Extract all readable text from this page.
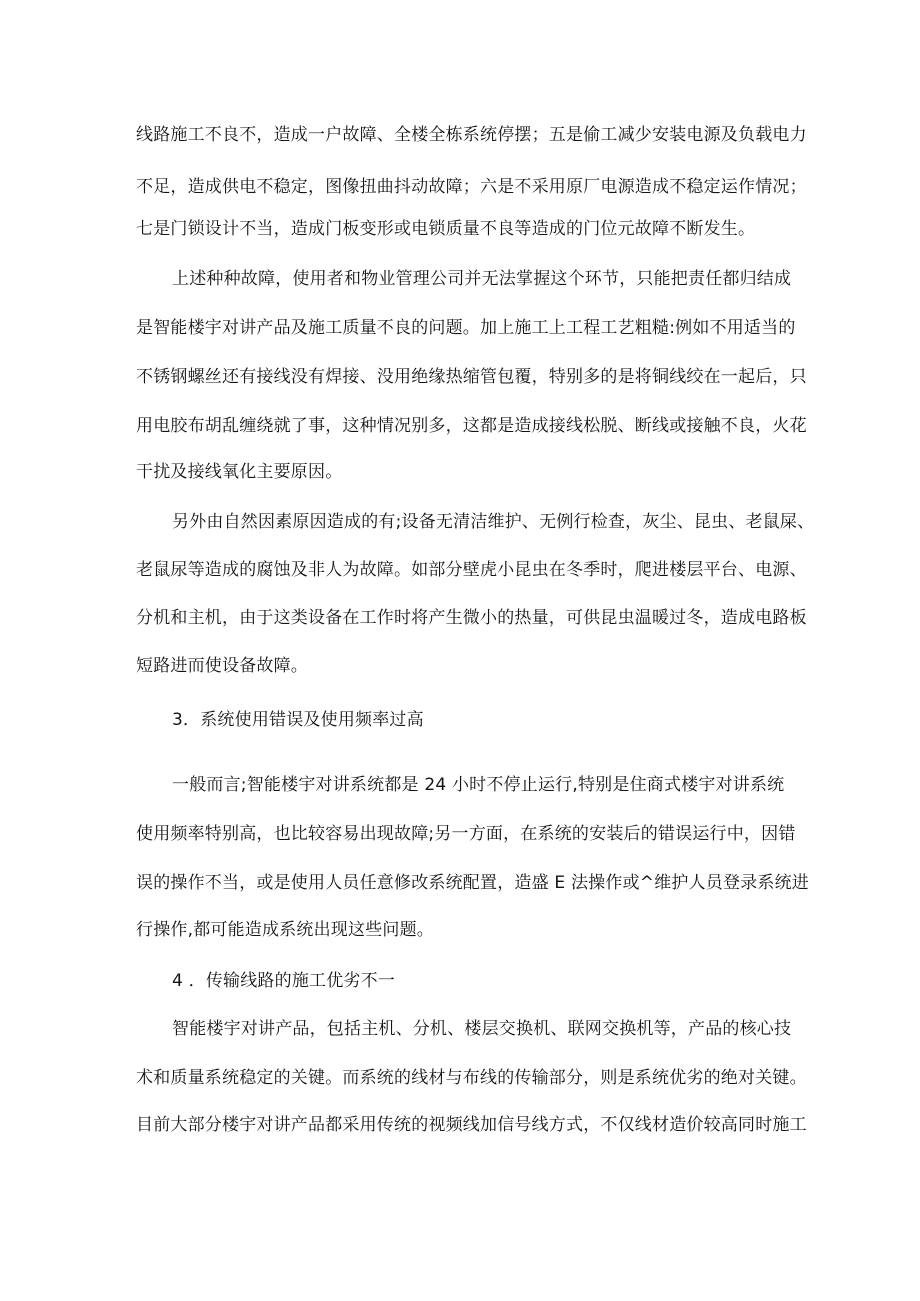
线路施工不良不，造成一户故障、全楼全栋系统停摆；五是偷工减少安装电源及负载电力
不足，造成供电不稳定，图像扭曲抖动故障；六是不采用原厂电源造成不稳定运作情况；
七是门锁设计不当，造成门板变形或电锁质量不良等造成的门位元故障不断发生。
上述种种故障，使用者和物业管理公司并无法掌握这个环节，只能把责任都归结成
是智能楼宇对讲产品及施工质量不良的问题。加上施工上工程工艺粗糙:例如不用适当的
不锈钢螺丝还有接线没有焊接、没用绝缘热缩管包覆，特别多的是将铜线绞在一起后，只
用电胶布胡乱缠绕就了事，这种情况别多，这都是造成接线松脱、断线或接触不良，火花
干扰及接线氧化主要原因。
另外由自然因素原因造成的有;设备无清洁维护、无例行检查，灰尘、昆虫、老鼠屎、
老鼠尿等造成的腐蚀及非人为故障。如部分壁虎小昆虫在冬季时，爬进楼层平台、电源、
分机和主机，由于这类设备在工作时将产生微小的热量，可供昆虫温暖过冬，造成电路板
短路进而使设备故障。
3．系统使用错误及使用频率过高
一般而言;智能楼宇对讲系统都是 24 小时不停止运行,特别是住商式楼宇对讲系统
使用频率特别高，也比较容易出现故障;另一方面，在系统的安装后的错误运行中，因错
误的操作不当，或是使用人员任意修改系统配置，造盛 E 法操作或^维护人员登录系统进
行操作,都可能造成系统出现这些问题。
4 ．传输线路的施工优劣不一
智能楼宇对讲产品，包括主机、分机、楼层交换机、联网交换机等，产品的核心技
术和质量系统稳定的关键。而系统的线材与布线的传输部分，则是系统优劣的绝对关键。
目前大部分楼宇对讲产品都采用传统的视频线加信号线方式，不仅线材造价较高同时施工
